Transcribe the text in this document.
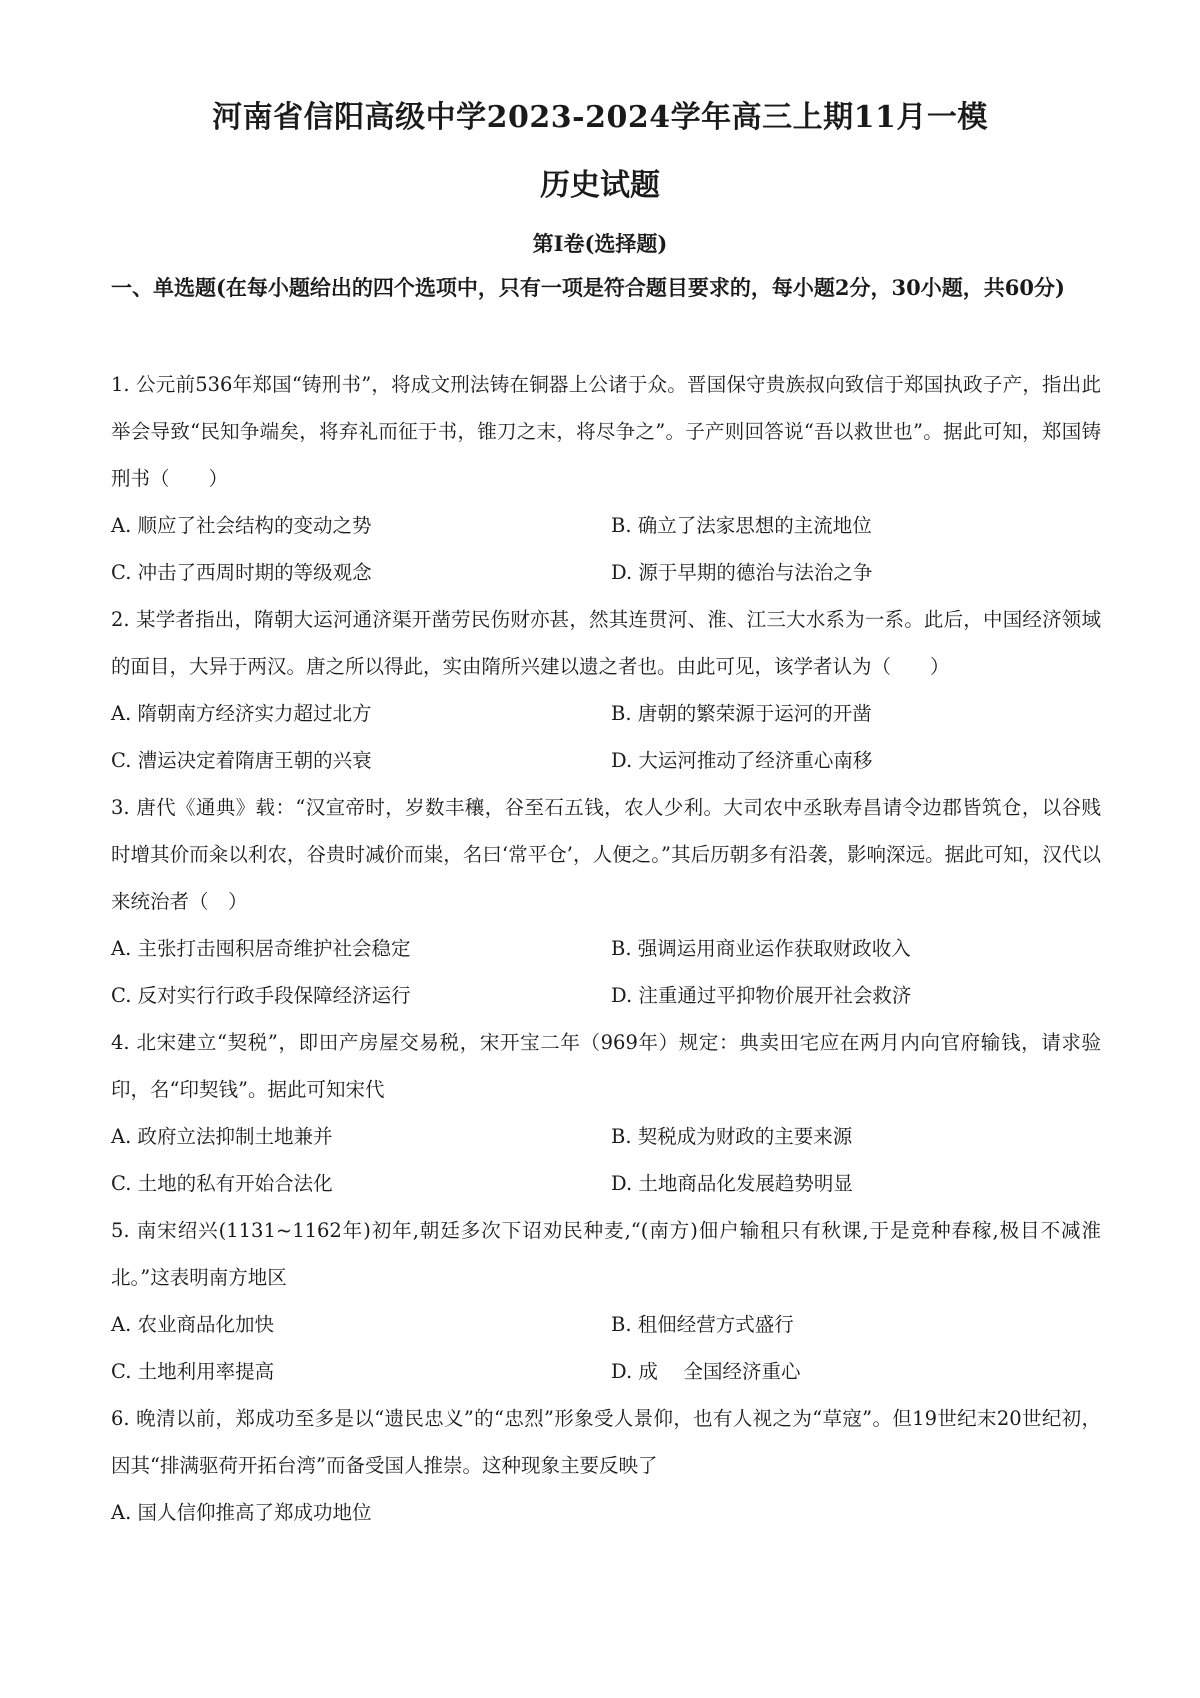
河南省信阳高级中学2023-2024学年高三上期11月一模
历史试题
第Ⅰ卷(选择题)
一、单选题(在每小题给出的四个选项中，只有一项是符合题目要求的，每小题2分，30小题，共60分)
1. 公元前536年郑国“铸刑书”，将成文刑法铸在铜器上公诸于众。晋国保守贵族叔向致信于郑国执政子产，指出此举会导致“民知争端矣，将弃礼而征于书，锥刀之末，将尽争之”。子产则回答说“吾以救世也”。据此可知，郑国铸刑书（　　）
A. 顺应了社会结构的变动之势	B. 确立了法家思想的主流地位
C. 冲击了西周时期的等级观念	D. 源于早期的德治与法治之争
2. 某学者指出，隋朝大运河通济渠开凿劳民伤财亦甚，然其连贯河、淮、江三大水系为一系。此后，中国经济领域的面目，大异于两汉。唐之所以得此，实由隋所兴建以遗之者也。由此可见，该学者认为（　　）
A. 隋朝南方经济实力超过北方	B. 唐朝的繁荣源于运河的开凿
C. 漕运决定着隋唐王朝的兴衰	D. 大运河推动了经济重心南移
3. 唐代《通典》载：“汉宣帝时，岁数丰穰，谷至石五钱，农人少利。大司农中丞耿寿昌请令边郡皆筑仓，以谷贱时增其价而籴以利农，谷贵时减价而粜，名曰‘常平仓’，人便之。”其后历朝多有沿袭，影响深远。据此可知，汉代以来统治者（　）
A. 主张打击囤积居奇维护社会稳定	B. 强调运用商业运作获取财政收入
C. 反对实行行政手段保障经济运行	D. 注重通过平抑物价展开社会救济
4. 北宋建立“契税”，即田产房屋交易税，宋开宝二年（969年）规定：典卖田宅应在两月内向官府输钱，请求验印，名“印契钱”。据此可知宋代
A. 政府立法抑制土地兼并	B. 契税成为财政的主要来源
C. 土地的私有开始合法化	D. 土地商品化发展趋势明显
5. 南宋绍兴(1131~1162年)初年,朝廷多次下诏劝民种麦,“(南方)佃户输租只有秋课,于是竞种春稼,极目不减淮北。”这表明南方地区
A. 农业商品化加快	B. 租佃经营方式盛行
C. 土地利用率提高	D. 成　 全国经济重心
6. 晚清以前，郑成功至多是以“遗民忠义”的“忠烈”形象受人景仰，也有人视之为“草寇”。但19世纪末20世纪初，因其“排满驱荷开拓台湾”而备受国人推崇。这种现象主要反映了
A. 国人信仰推高了郑成功地位
